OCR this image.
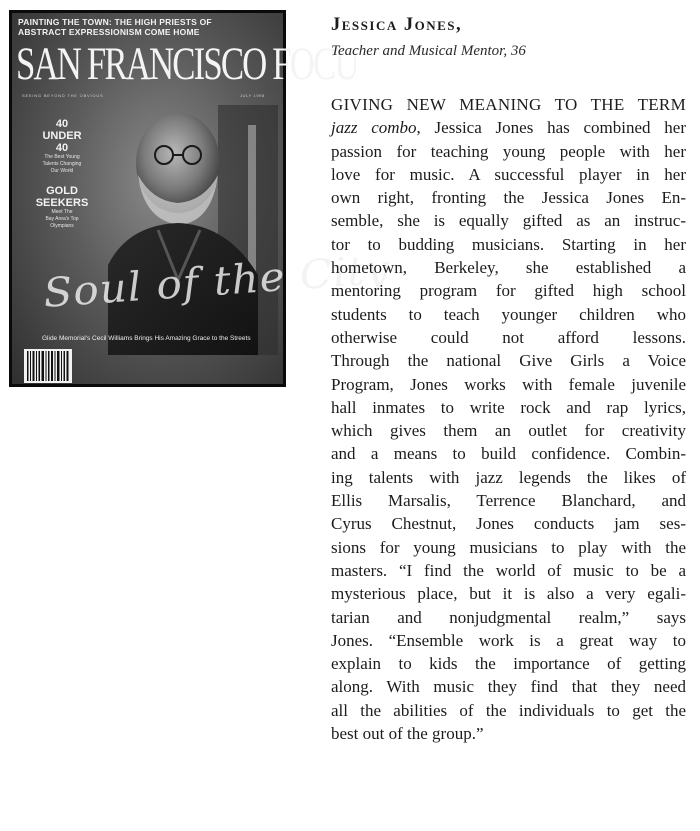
PAINTING THE TOWN: THE HIGH PRIESTS OF
ABSTRACT EXPRESSIONISM COME HOME
SAN FRANCISCO FOCU
SEEING BEYOND THE OBVIOUS	JULY 1998
40
UNDER
40
The Best Young
Talents Changing
Our World
GOLD
SEEKERS
Meet The
Bay Area's Top
Olympians
Soul of the City
Glide Memorial's Cecil Williams Brings His Amazing Grace to the Streets
Jessica Jones,

Teacher and Musical Mentor, 36

GIVING NEW MEANING TO THE TERM
jazz combo, Jessica Jones has combined her
passion for teaching young people with her
love for music. A successful player in her
own right, fronting the Jessica Jones En-
semble, she is equally gifted as an instruc-
tor to budding musicians. Starting in her
hometown, Berkeley, she established a
mentoring program for gifted high school
students to teach younger children who
otherwise could not afford lessons.
Through the national Give Girls a Voice
Program, Jones works with female juvenile
hall inmates to write rock and rap lyrics,
which gives them an outlet for creativity
and a means to build confidence. Combin-
ing talents with jazz legends the likes of
Ellis Marsalis, Terrence Blanchard, and
Cyrus Chestnut, Jones conducts jam ses-
sions for young musicians to play with the
masters. “I find the world of music to be a
mysterious place, but it is also a very egali-
tarian and nonjudgmental realm,” says
Jones. “Ensemble work is a great way to
explain to kids the importance of getting
along. With music they find that they need
all the abilities of the individuals to get the
best out of the group.”
